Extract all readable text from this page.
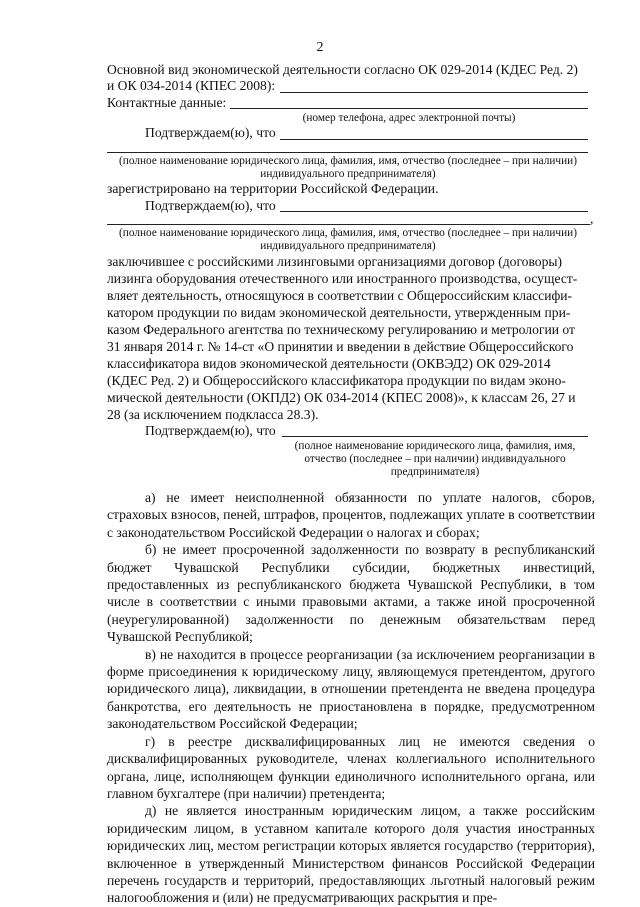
2
Основной вид экономической деятельности согласно ОК 029-2014 (КДЕС Ред. 2)
и ОК 034-2014 (КПЕС 2008):
Контактные данные:
(номер телефона, адрес электронной почты)
Подтверждаем(ю), что
(полное наименование юридического лица, фамилия, имя, отчество (последнее – при наличии)
индивидуального предпринимателя)
зарегистрировано на территории Российской Федерации.
Подтверждаем(ю), что
,
(полное наименование юридического лица, фамилия, имя, отчество (последнее – при наличии)
индивидуального предпринимателя)
заключившее с российскими лизинговыми организациями договор (договоры)
лизинга оборудования отечественного или иностранного производства, осущест-
вляет деятельность, относящуюся в соответствии с Общероссийским классифи-
катором продукции по видам экономической деятельности, утвержденным при-
казом Федерального агентства по техническому регулированию и метрологии от
31 января 2014 г. № 14-ст «О принятии и введении в действие Общероссийского
классификатора видов экономической деятельности (ОКВЭД2) ОК 029-2014
(КДЕС Ред. 2) и Общероссийского классификатора продукции по видам эконо-
мической деятельности (ОКПД2) ОК 034-2014 (КПЕС 2008)», к классам 26, 27 и
28 (за исключением подкласса 28.3).
Подтверждаем(ю), что
(полное наименование юридического лица, фамилия, имя,
отчество (последнее – при наличии) индивидуального
предпринимателя)

а) не имеет неисполненной обязанности по уплате налогов, сборов, страховых взносов, пеней, штрафов, процентов, подлежащих уплате в соответствии с законодательством Российской Федерации о налогах и сборах;

б) не имеет просроченной задолженности по возврату в республиканский бюджет Чувашской Республики субсидии, бюджетных инвестиций, предоставленных из республиканского бюджета Чувашской Республики, в том числе в соответствии с иными правовыми актами, а также иной просроченной (неурегулированной) задолженности по денежным обязательствам перед Чувашской Республикой;

в) не находится в процессе реорганизации (за исключением реорганизации в форме присоединения к юридическому лицу, являющемуся претендентом, другого юридического лица), ликвидации, в отношении претендента не введена процедура банкротства, его деятельность не приостановлена в порядке, предусмотренном законодательством Российской Федерации;

г) в реестре дисквалифицированных лиц не имеются сведения о дисквалифицированных руководителе, членах коллегиального исполнительного органа, лице, исполняющем функции единоличного исполнительного органа, или главном бухгалтере (при наличии) претендента;

д) не является иностранным юридическим лицом, а также российским юридическим лицом, в уставном капитале которого доля участия иностранных юридических лиц, местом регистрации которых является государство (территория), включенное в утвержденный Министерством финансов Российской Федерации перечень государств и территорий, предоставляющих льготный налоговый режим налогообложения и (или) не предусматривающих раскрытия и пре-
